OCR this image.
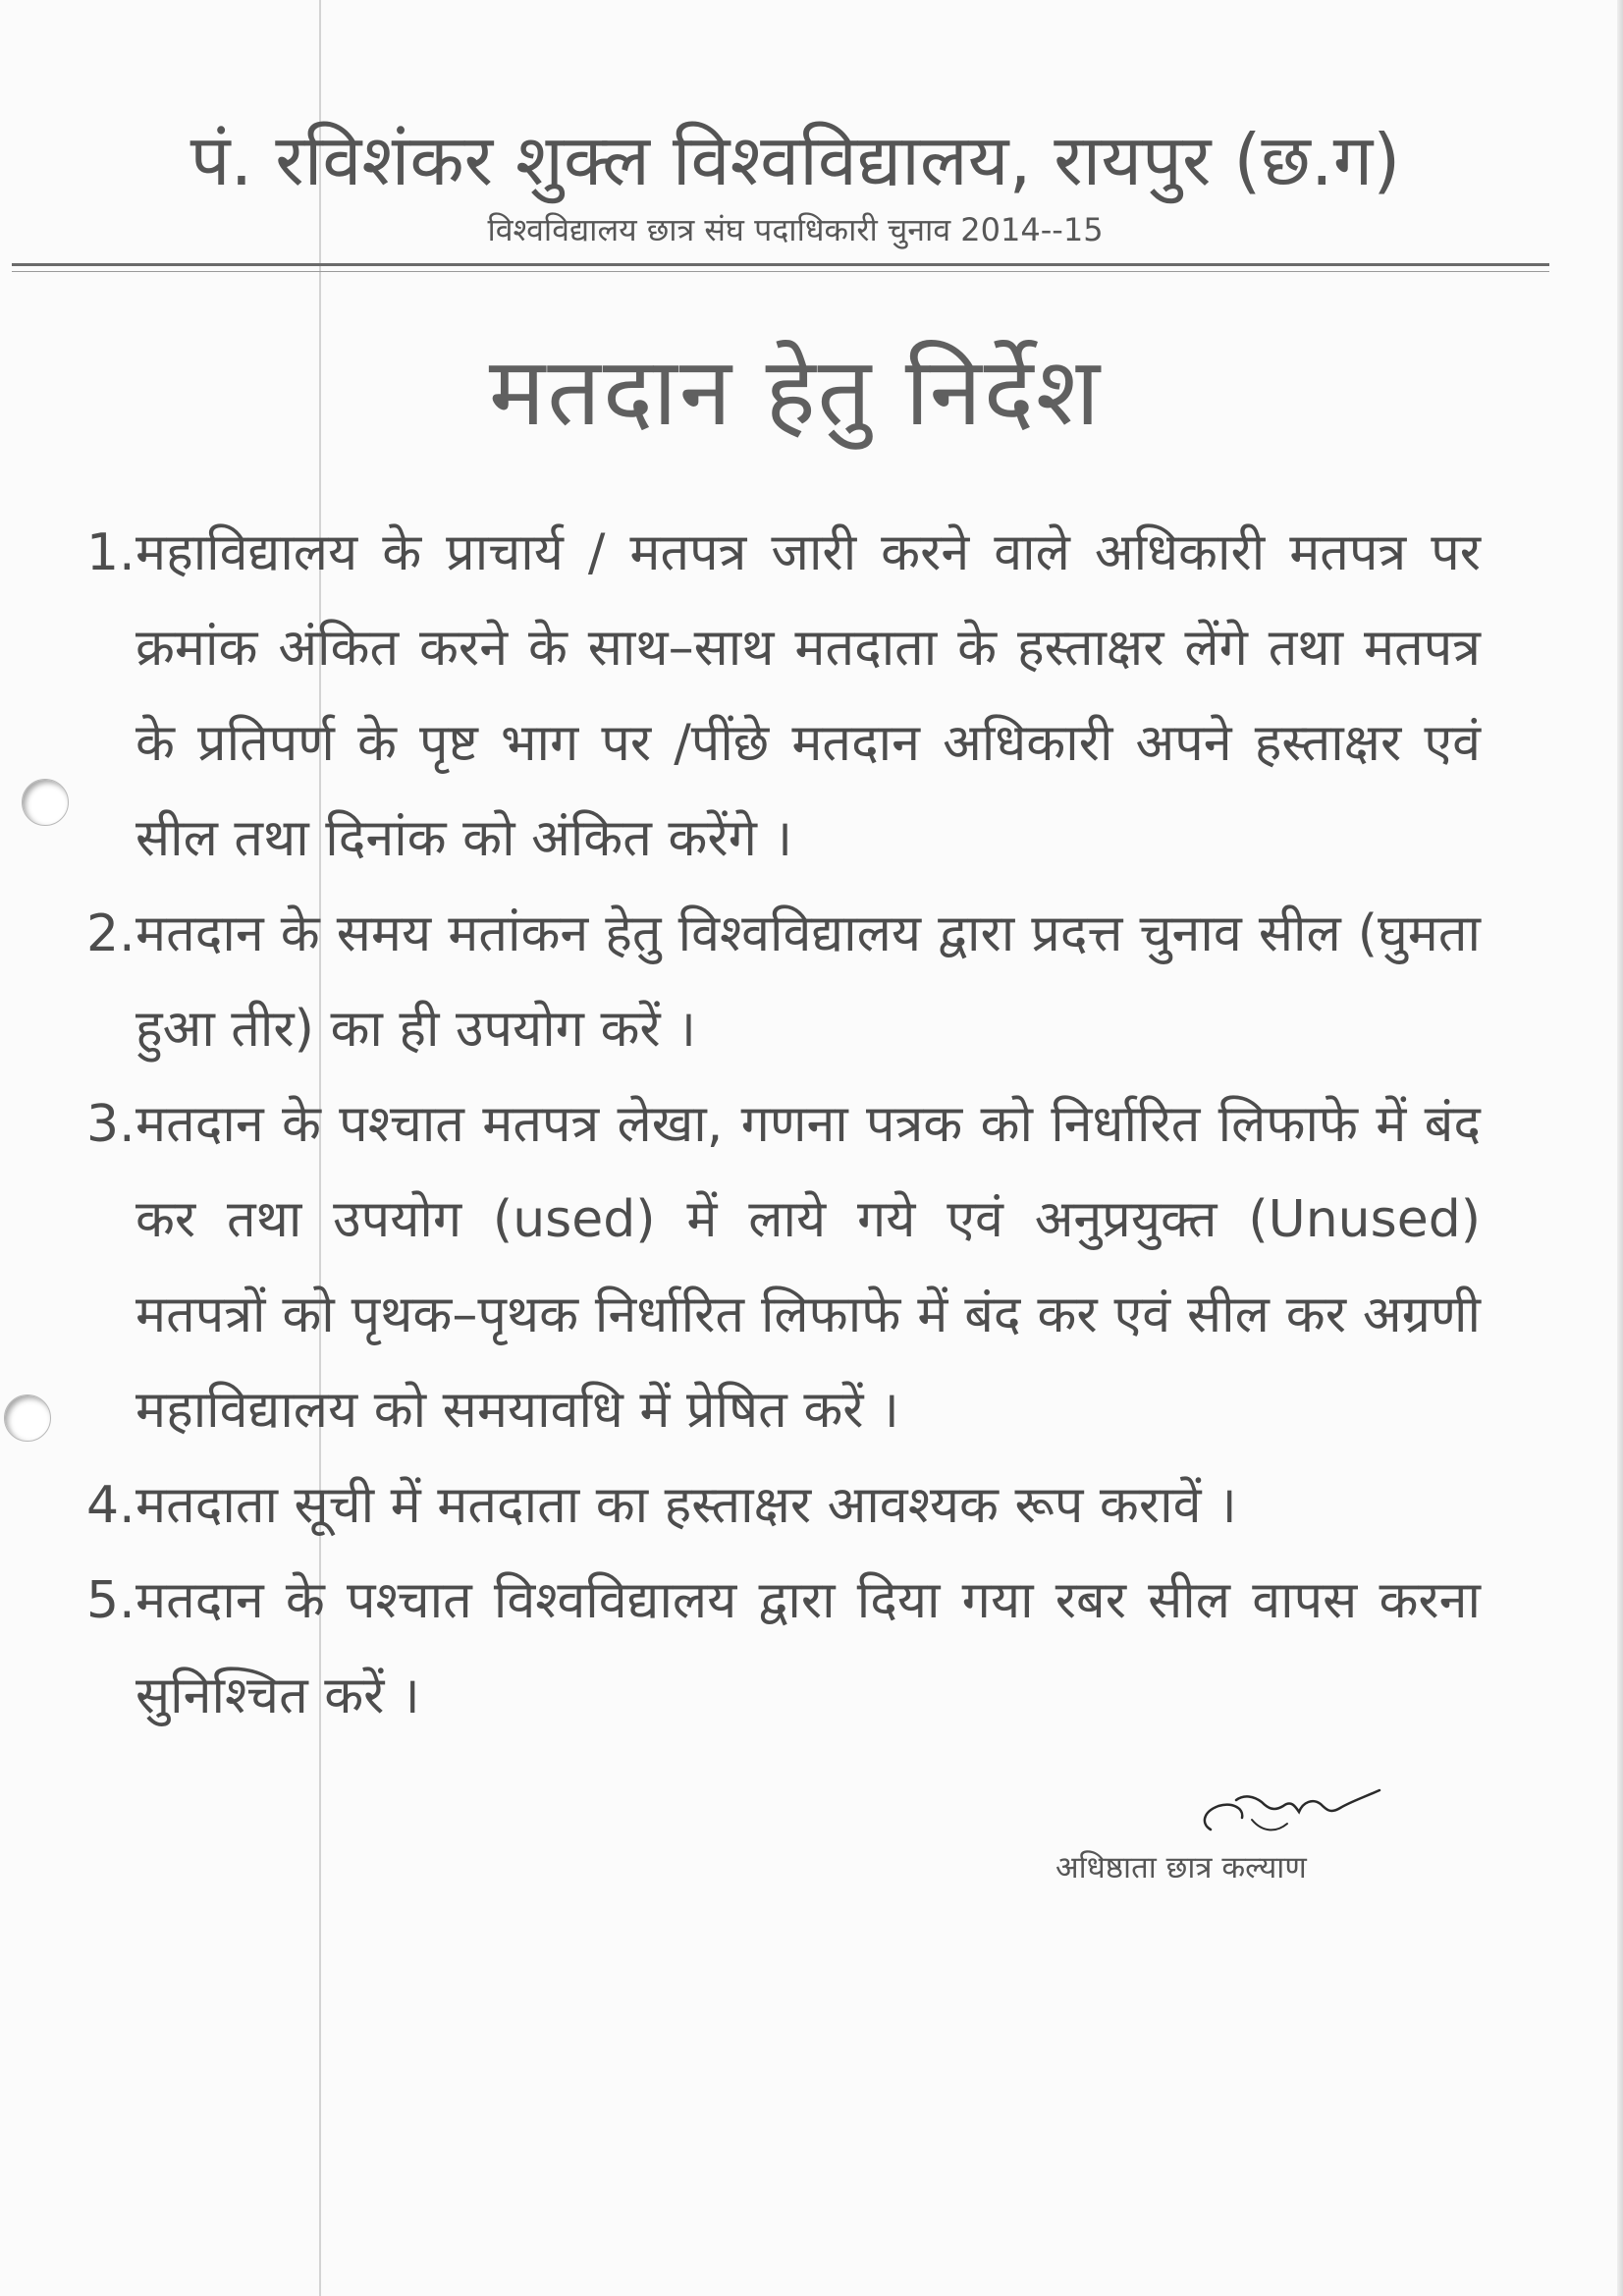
पं. रविशंकर शुक्ल विश्वविद्यालय, रायपुर (छ.ग)
विश्वविद्यालय छात्र संघ पदाधिकारी चुनाव 2014--15
मतदान हेतु निर्देश
1. महाविद्यालय के प्राचार्य / मतपत्र जारी करने वाले अधिकारी मतपत्र पर क्रमांक अंकित करने के साथ–साथ मतदाता के हस्ताक्षर लेंगे तथा मतपत्र के प्रतिपर्ण के पृष्ट भाग पर /पींछे मतदान अधिकारी अपने हस्ताक्षर एवं सील तथा दिनांक को अंकित करेंगे ।
2. मतदान के समय मतांकन हेतु विश्वविद्यालय द्वारा प्रदत्त चुनाव सील (घुमता हुआ तीर) का ही उपयोग करें ।
3. मतदान के पश्चात मतपत्र लेखा, गणना पत्रक को निर्धारित लिफाफे में बंद कर तथा उपयोग (used) में लाये गये एवं अनुप्रयुक्त (Unused) मतपत्रों को पृथक–पृथक निर्धारित लिफाफे में बंद कर एवं सील कर अग्रणी महाविद्यालय को समयावधि में प्रेषित करें ।
4. मतदाता सूची में मतदाता का हस्ताक्षर आवश्यक रूप करावें ।
5. मतदान के पश्चात विश्वविद्यालय द्वारा दिया गया रबर सील वापस करना सुनिश्चित करें ।
अधिष्ठाता छात्र कल्याण
